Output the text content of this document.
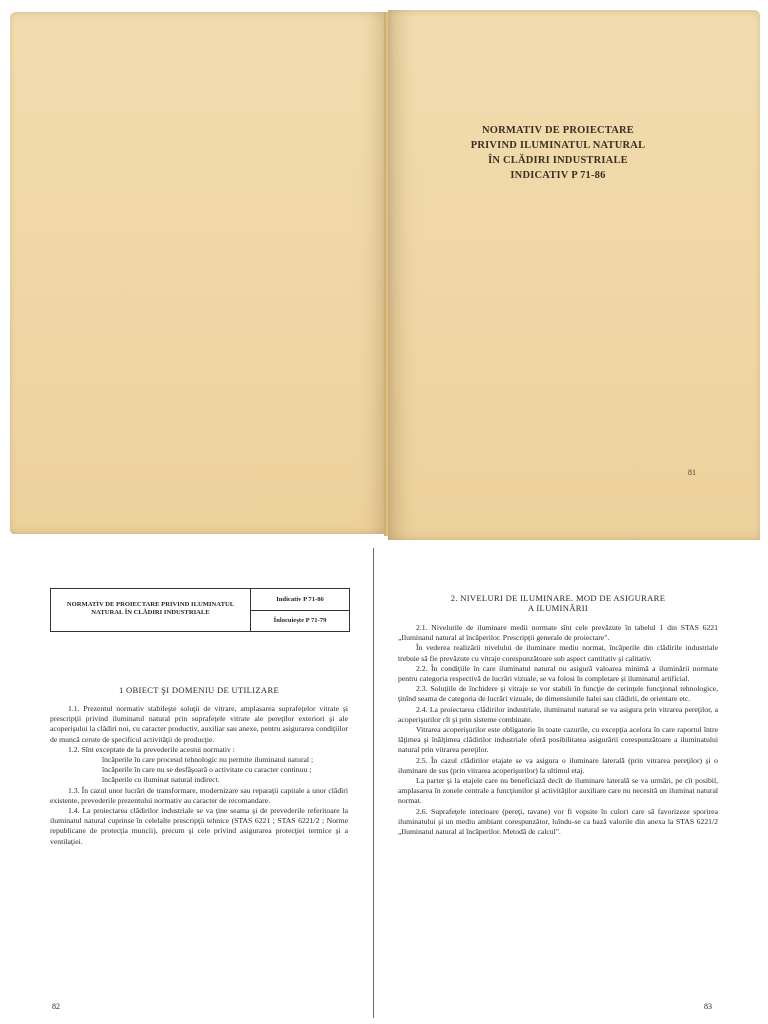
NORMATIV DE PROIECTARE
PRIVIND ILUMINATUL NATURAL
ÎN CLĂDIRI INDUSTRIALE
INDICATIV P 71-86
81
NORMATIV DE PROIECTARE PRIVIND ILUMINATUL NATURAL ÎN CLĂDIRI INDUSTRIALE
Indicativ P 71-86
Înlocuieşte P 71-79
1 OBIECT ŞI DOMENIU DE UTILIZARE

1.1. Prezentul normativ stabileşte soluţii de vitrare, amplasarea suprafeţelor vitrate şi prescripţii privind iluminatul natural prin suprafeţele vitrate ale pereţilor exteriori şi ale acoperişului la clădiri noi, cu caracter productiv, auxiliar sau anexe, pentru asigurarea condiţiilor de muncă cerute de specificul activităţii de producţie.

1.2. Sînt exceptate de la prevederile acestui normativ :

încăperile în care procesul tehnologic nu permite iluminatul natural ;

încăperile în care nu se desfăşoară o activitate cu caracter continuu ;

încăperile cu iluminat natural indirect.

1.3. În cazul unor lucrări de transformare, modernizare sau reparaţii capitale a unor clădiri existente, prevederile prezentului normativ au caracter de recomandare.

1.4. La proiectarea clădirilor industriale se va ţine seama şi de prevederile referitoare la iluminatul natural cuprinse în celelalte prescripţii tehnice (STAS 6221 ; STAS 6221/2 ; Norme republicane de protecţia muncii), precum şi cele privind asigurarea protecţiei termice şi a ventilaţiei.

82
2. NIVELURI DE ILUMINARE. MOD DE ASIGURARE
A ILUMINĂRII

2.1. Nivelurile de iluminare medii normate sînt cele prevăzute în tabelul 1 din STAS 6221 „Iluminatul natural al încăperilor. Prescripţii generale de proiectare".

În vederea realizării nivelului de iluminare mediu normat, încăperile din clădirile industriale trebuie să fie prevăzute cu vitraje corespunzătoare sub aspect cantitativ şi calitativ.

2.2. În condiţiile în care iluminatul natural nu asigură valoarea minimă a iluminării normate pentru categoria respectivă de lucrări vizuale, se va folosi în completare şi iluminatul artificial.

2.3. Soluţiile de închidere şi vitraje se vor stabili în funcţie de cerinţele funcţional tehnologice, ţinînd seama de categoria de lucrări vizuale, de dimensiunile halei sau clădirii, de orientare etc.

2.4. La proiectarea clădirilor industriale, iluminatul natural se va asigura prin vitrarea pereţilor, a acoperişurilor cît şi prin sisteme combinate.

Vitrarea acoperişurilor este obligatorie în toate cazurile, cu excepţia acelora în care raportul între lăţimea şi înălţimea clădirilor industriale oferă posibilitatea asigurării corespunzătoare a iluminatului natural prin vitrarea pereţilor.

2.5. În cazul clădirilor etajate se va asigura o iluminare laterală (prin vitrarea pereţilor) şi o iluminare de sus (prin vitrarea acoperişurilor) la ultimul etaj.

La parter şi la etajele care nu beneficiază decît de iluminare laterală se va urmări, pe cît posibil, amplasarea în zonele centrale a funcţiunilor şi activităţilor auxiliare care nu necesită un iluminat natural normat.

2.6. Suprafeţele interioare (pereţi, tavane) vor fi vopsite în culori care să favorizeze sporirea iluminatului şi un mediu ambiant corespunzător, luîndu-se ca bază valorile din anexa la STAS 6221/2 „Iluminatul natural al încăperilor. Metodă de calcul".

83
